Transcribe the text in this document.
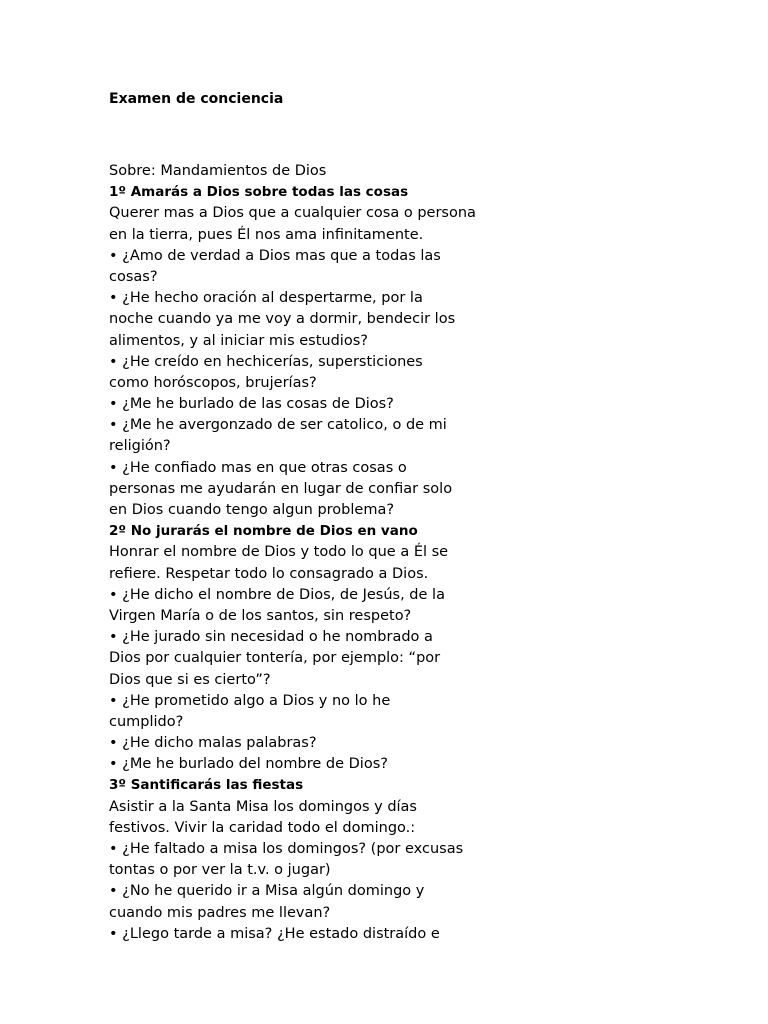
Examen de conciencia
Sobre: Mandamientos de Dios
1º Amarás a Dios sobre todas las cosas
Querer mas a Dios que a cualquier cosa o persona
en la tierra, pues Él nos ama infinitamente.
• ¿Amo de verdad a Dios mas que a todas las
cosas?
• ¿He hecho oración al despertarme, por la
noche cuando ya me voy a dormir, bendecir los
alimentos, y al iniciar mis estudios?
• ¿He creído en hechicerías, supersticiones
como horóscopos, brujerías?
• ¿Me he burlado de las cosas de Dios?
• ¿Me he avergonzado de ser catolico, o de mi
religión?
• ¿He confiado mas en que otras cosas o
personas me ayudarán en lugar de confiar solo
en Dios cuando tengo algun problema?
2º No jurarás el nombre de Dios en vano
Honrar el nombre de Dios y todo lo que a Él se
refiere. Respetar todo lo consagrado a Dios.
• ¿He dicho el nombre de Dios, de Jesús, de la
Virgen María o de los santos, sin respeto?
• ¿He jurado sin necesidad o he nombrado a
Dios por cualquier tontería, por ejemplo: “por
Dios que si es cierto”?
• ¿He prometido algo a Dios y no lo he
cumplido?
• ¿He dicho malas palabras?
• ¿Me he burlado del nombre de Dios?
3º Santificarás las fiestas
Asistir a la Santa Misa los domingos y días
festivos. Vivir la caridad todo el domingo.:
• ¿He faltado a misa los domingos? (por excusas
tontas o por ver la t.v. o jugar)
• ¿No he querido ir a Misa algún domingo y
cuando mis padres me llevan?
• ¿Llego tarde a misa? ¿He estado distraído e
